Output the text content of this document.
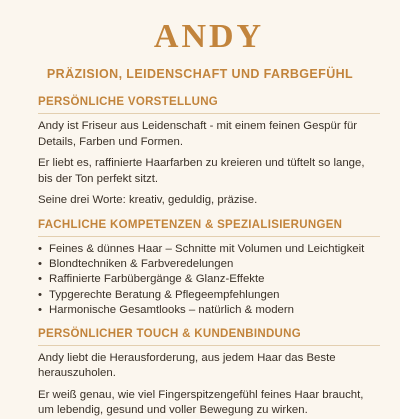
ANDY
PRÄZISION, LEIDENSCHAFT UND FARBGEFÜHL
PERSÖNLICHE VORSTELLUNG

Andy ist Friseur aus Leidenschaft - mit einem feinen Gespür für Details, Farben und Formen.

Er liebt es, raffinierte Haarfarben zu kreieren und tüftelt so lange, bis der Ton perfekt sitzt.

Seine drei Worte: kreativ, geduldig, präzise.

FACHLICHE KOMPETENZEN & SPEZIALISIERUNGEN
• Feines & dünnes Haar – Schnitte mit Volumen und Leichtigkeit
• Blondtechniken & Farbveredelungen
• Raffinierte Farbübergänge & Glanz-Effekte
• Typgerechte Beratung & Pflegeempfehlungen
• Harmonische Gesamtlooks – natürlich & modern
PERSÖNLICHER TOUCH & KUNDENBINDUNG

Andy liebt die Herausforderung, aus jedem Haar das Beste herauszuholen.

Er weiß genau, wie viel Fingerspitzengefühl feines Haar braucht, um lebendig, gesund und voller Bewegung zu wirken.
